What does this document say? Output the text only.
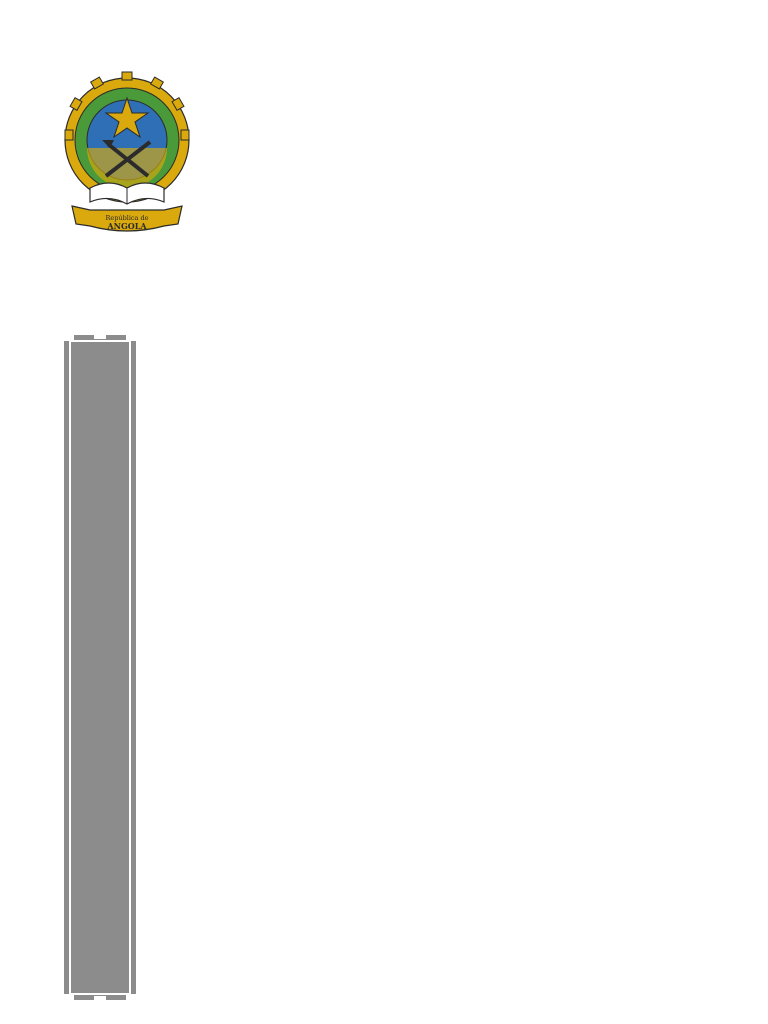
República de
ANGOLA
